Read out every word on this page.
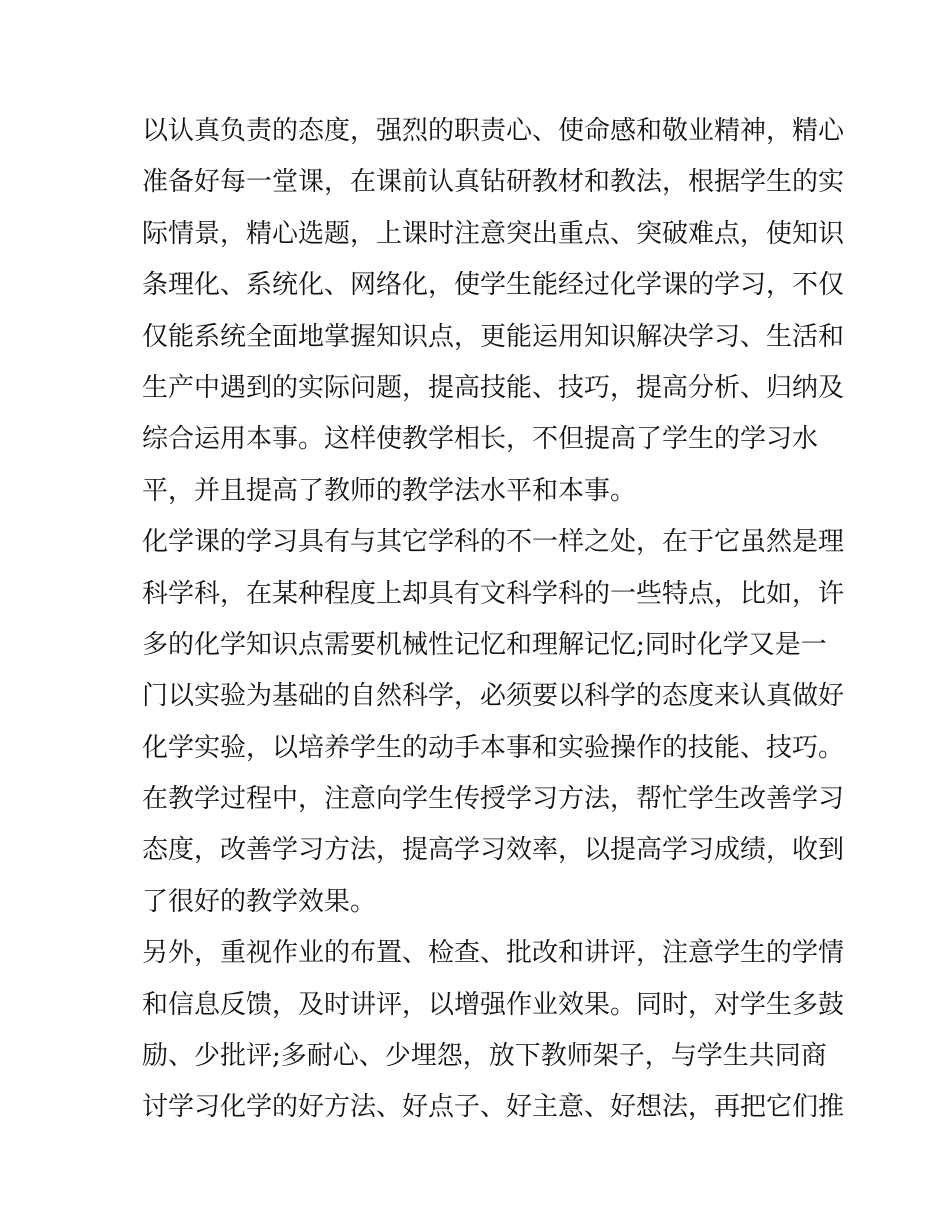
以认真负责的态度，强烈的职责心、使命感和敬业精神，精心
准备好每一堂课，在课前认真钻研教材和教法，根据学生的实
际情景，精心选题，上课时注意突出重点、突破难点，使知识
条理化、系统化、网络化，使学生能经过化学课的学习，不仅
仅能系统全面地掌握知识点，更能运用知识解决学习、生活和
生产中遇到的实际问题，提高技能、技巧，提高分析、归纳及
综合运用本事。这样使教学相长，不但提高了学生的学习水
平，并且提高了教师的教学法水平和本事。
化学课的学习具有与其它学科的不一样之处，在于它虽然是理
科学科，在某种程度上却具有文科学科的一些特点，比如，许
多的化学知识点需要机械性记忆和理解记忆;同时化学又是一
门以实验为基础的自然科学，必须要以科学的态度来认真做好
化学实验，以培养学生的动手本事和实验操作的技能、技巧。
在教学过程中，注意向学生传授学习方法，帮忙学生改善学习
态度，改善学习方法，提高学习效率，以提高学习成绩，收到
了很好的教学效果。
另外，重视作业的布置、检查、批改和讲评，注意学生的学情
和信息反馈，及时讲评，以增强作业效果。同时，对学生多鼓
励、少批评;多耐心、少埋怨，放下教师架子，与学生共同商
讨学习化学的好方法、好点子、好主意、好想法，再把它们推
